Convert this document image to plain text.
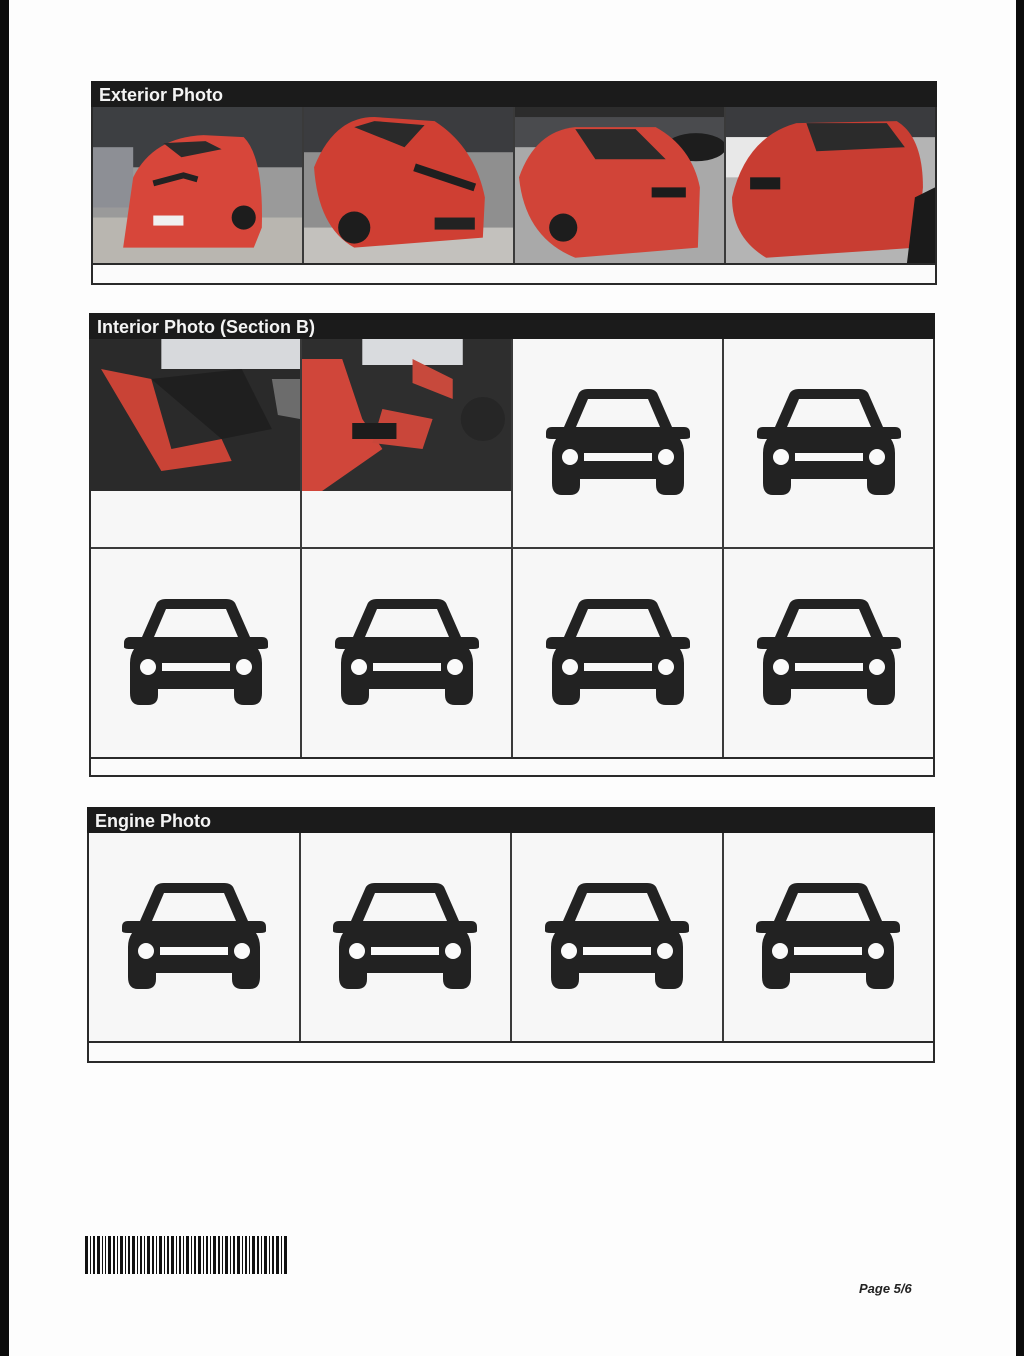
Exterior Photo
Interior Photo (Section B)
Engine Photo
Page 5/6
